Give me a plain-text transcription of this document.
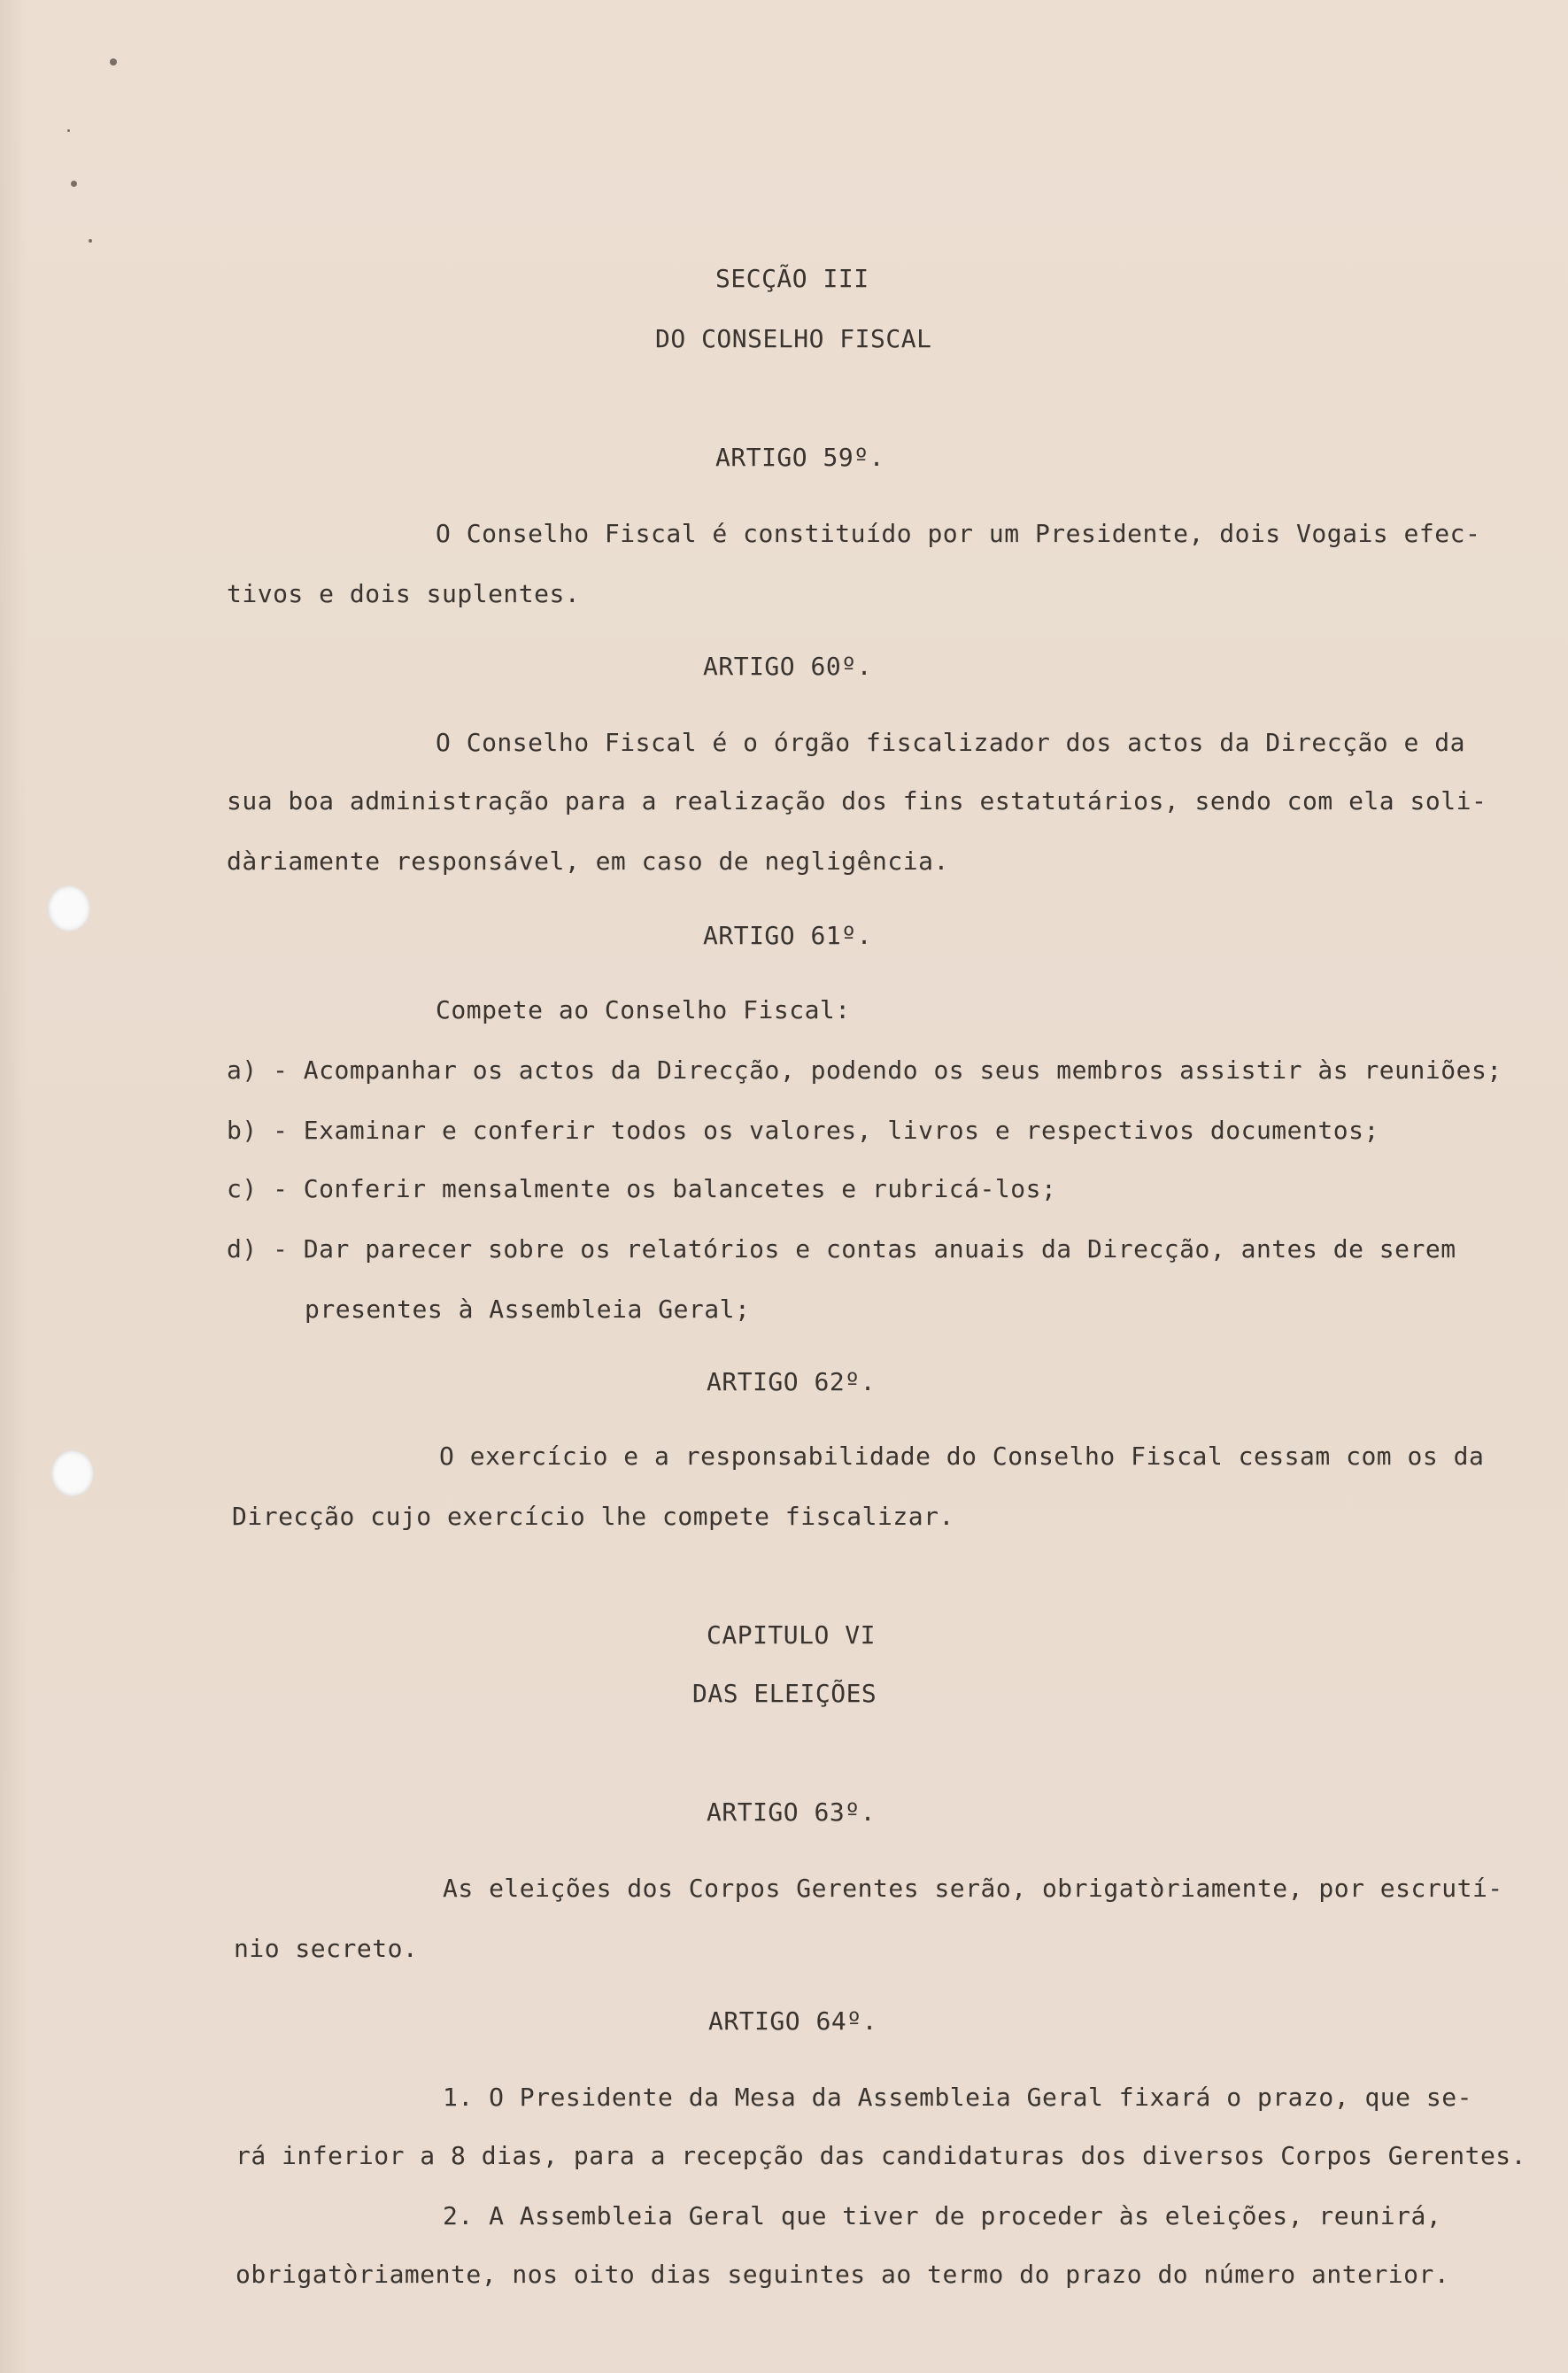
SECÇÃO III
DO CONSELHO FISCAL
ARTIGO 59º.
O Conselho Fiscal é constituído por um Presidente, dois Vogais efec-
tivos e dois suplentes.
ARTIGO 60º.
O Conselho Fiscal é o órgão fiscalizador dos actos da Direcção e da
sua boa administração para a realização dos fins estatutários, sendo com ela soli-
dàriamente responsável, em caso de negligência.
ARTIGO 61º.
Compete ao Conselho Fiscal:
a) - Acompanhar os actos da Direcção, podendo os seus membros assistir às reuniões;
b) - Examinar e conferir todos os valores, livros e respectivos documentos;
c) - Conferir mensalmente os balancetes e rubricá-los;
d) - Dar parecer sobre os relatórios e contas anuais da Direcção, antes de serem
presentes à Assembleia Geral;
ARTIGO 62º.
O exercício e a responsabilidade do Conselho Fiscal cessam com os da
Direcção cujo exercício lhe compete fiscalizar.
CAPITULO VI
DAS ELEIÇÕES
ARTIGO 63º.
As eleições dos Corpos Gerentes serão, obrigatòriamente, por escrutí-
nio secreto.
ARTIGO 64º.
1. O Presidente da Mesa da Assembleia Geral fixará o prazo, que se-
rá inferior a 8 dias, para a recepção das candidaturas dos diversos Corpos Gerentes.
2. A Assembleia Geral que tiver de proceder às eleições, reunirá,
obrigatòriamente, nos oito dias seguintes ao termo do prazo do número anterior.
